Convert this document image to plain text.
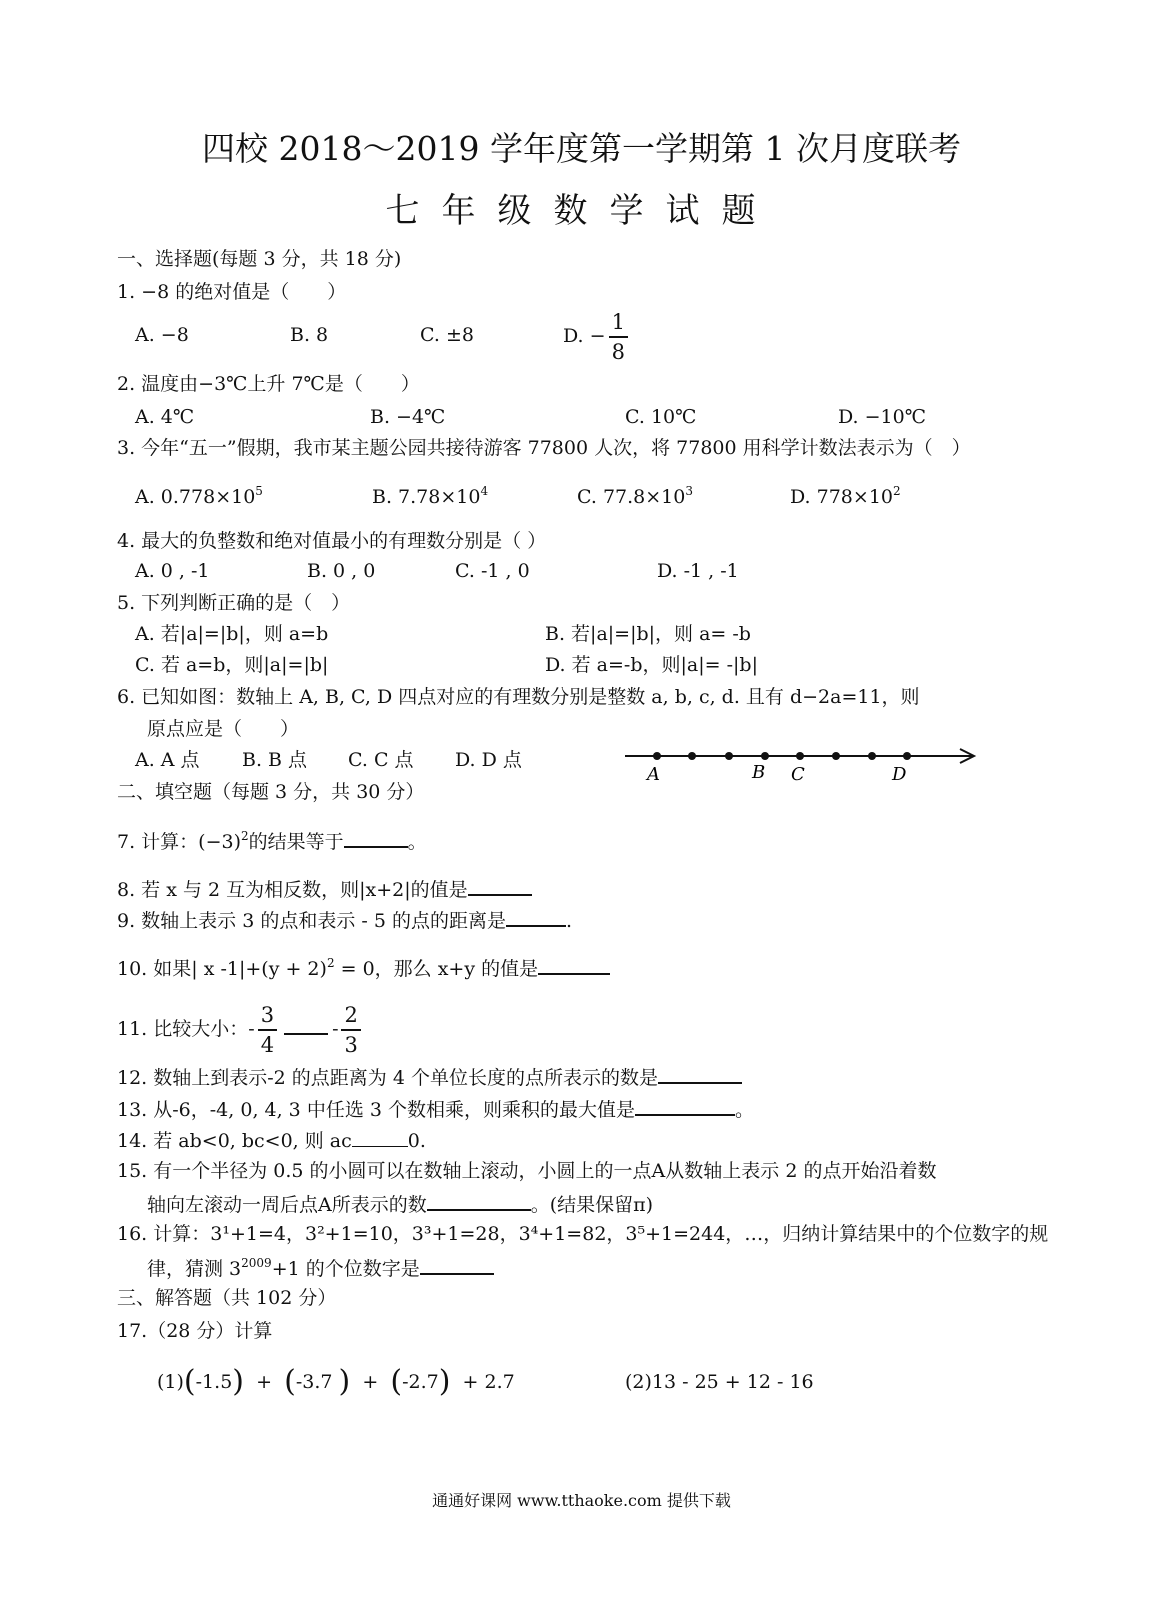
四校 2018～2019 学年度第一学期第 1 次月度联考
七年级数学试题
一、选择题(每题 3 分，共 18 分)
1. −8 的绝对值是（　　）
A. −8	B. 8	C. ±8	D. − $\frac{1}{8}$
2. 温度由−3℃上升 7℃是（　　）
A. 4℃	B. −4℃	C. 10℃	D. −10℃
3. 今年“五一”假期，我市某主题公园共接待游客 77800 人次，将 77800 用科学计数法表示为（　）
A. $0.778\times 10^5$	B. $7.78\times 10^4$	C. $77.8\times 10^3$	D. $778\times 10^2$
4. 最大的负整数和绝对值最小的有理数分别是（ ）
A. 0 , -1	B. 0 , 0	C. -1 , 0	D. -1 , -1
5. 下列判断正确的是（　）
A. 若|a|=|b|，则 a=b	B. 若|a|=|b|，则 a= -b
C. 若 a=b，则|a|=|b|	D. 若 a=-b，则|a|= -|b|
6. 已知如图：数轴上 A, B, C, D 四点对应的有理数分别是整数 a, b, c, d. 且有 d−2a=11，则
原点应是（　　）
A. A 点 B. B 点 C. C 点 D. D 点
A	B C	D
二、填空题（每题 3 分，共 30 分）
7. 计算：$(-3)^2$的结果等于	。
8. 若 x 与 2 互为相反数，则|x+2|的值是
9. 数轴上表示 3 的点和表示 - 5 的点的距离是	.
10. 如果| x $-1|+(y + 2)^2 = 0$，那么 x+y 的值是
11. 比较大小：- $\frac{3}{4}$	- $\frac{2}{3}$
12. 数轴上到表示-2 的点距离为 4 个单位长度的点所表示的数是
13. 从-6，-4, 0, 4, 3 中任选 3 个数相乘，则乘积的最大值是	。
14. 若 ab<0, bc<0, 则 ac	0.
15. 有一个半径为 0.5 的小圆可以在数轴上滚动，小圆上的一点A从数轴上表示 2 的点开始沿着数
轴向左滚动一周后点A所表示的数	。(结果保留π)
16. 计算：3¹+1=4，3²+1=10，3³+1=28，3⁴+1=82，3⁵+1=244，…，归纳计算结果中的个位数字的规
律，猜测 $3^{2009}+1$ 的个位数字是
三、解答题（共 102 分）
17.（28 分）计算
(1)(-1.5) + (-3.7 ) + (-2.7) + 2.7	(2)13 - 25 + 12 - 16
通通好课网 www.tthaoke.com 提供下载
